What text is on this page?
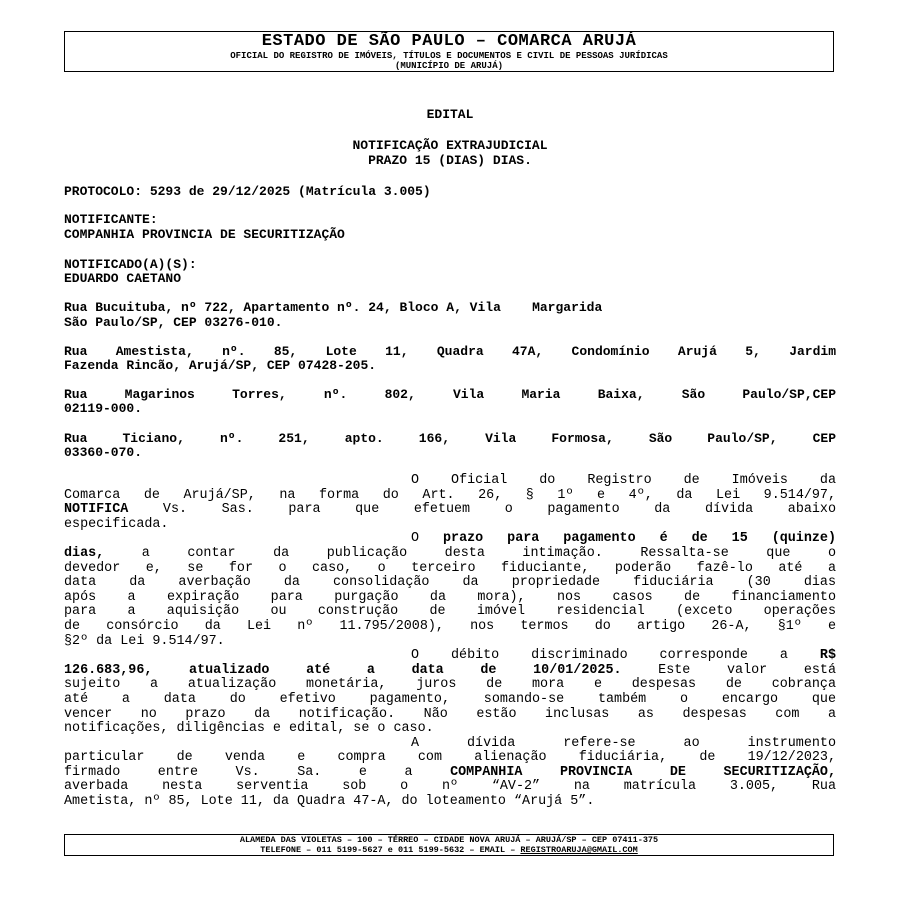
ESTADO DE SÃO PAULO – COMARCA ARUJÁ
OFICIAL DO REGISTRO DE IMÓVEIS, TÍTULOS E DOCUMENTOS E CIVIL DE PESSOAS JURÍDICAS
(MUNICÍPIO DE ARUJÁ)
EDITAL
NOTIFICAÇÃO EXTRAJUDICIAL
PRAZO 15 (DIAS) DIAS.
PROTOCOLO: 5293 de 29/12/2025 (Matrícula 3.005)
NOTIFICANTE:
COMPANHIA PROVINCIA DE SECURITIZAÇÃO
NOTIFICADO(A)(S):
EDUARDO CAETANO
Rua Bucuituba, nº 722, Apartamento nº. 24, Bloco A, Vila    Margarida
São Paulo/SP, CEP 03276-010.
Rua Amestista, nº. 85, Lote 11, Quadra 47A, Condomínio Arujá 5, Jardim
Fazenda Rincão, Arujá/SP, CEP 07428-205.
Rua Magarinos Torres, nº. 802, Vila Maria Baixa, São Paulo/SP,CEP
02119-000.
Rua Ticiano, nº. 251, apto. 166, Vila Formosa, São Paulo/SP, CEP
03360-070.
O Oficial do Registro de Imóveis da
Comarca de Arujá/SP, na forma do Art. 26, § 1º e 4º, da Lei 9.514/97,
NOTIFICA Vs. Sas. para que efetuem o pagamento da dívida abaixo
especificada.
O prazo para pagamento é de 15 (quinze)
dias, a contar da publicação desta intimação. Ressalta-se que o
devedor e, se for o caso, o terceiro fiduciante, poderão fazê-lo até a
data da averbação da consolidação da propriedade fiduciária (30 dias
após a expiração para purgação da mora), nos casos de financiamento
para a aquisição ou construção de imóvel residencial (exceto operações
de consórcio da Lei nº 11.795/2008), nos termos do artigo 26-A, §1º e
§2º da Lei 9.514/97.
O débito discriminado corresponde a R$
126.683,96, atualizado até a data de 10/01/2025. Este valor está
sujeito a atualização monetária, juros de mora e despesas de cobrança
até a data do efetivo pagamento, somando-se também o encargo que
vencer no prazo da notificação. Não estão inclusas as despesas com a
notificações, diligências e edital, se o caso.
A dívida refere-se ao instrumento
particular de venda e compra com alienação fiduciária, de 19/12/2023,
firmado entre Vs. Sa. e a COMPANHIA PROVINCIA DE SECURITIZAÇÃO,
averbada nesta serventia sob o nº “AV-2” na matrícula 3.005, Rua
Ametista, nº 85, Lote 11, da Quadra 47-A, do loteamento “Arujá 5”.
ALAMEDA DAS VIOLETAS – 100 – TÉRREO – CIDADE NOVA ARUJÁ – ARUJÁ/SP – CEP 07411-375
TELEFONE – 011 5199-5627 e 011 5199-5632 – EMAIL – REGISTROARUJA@GMAIL.COM
